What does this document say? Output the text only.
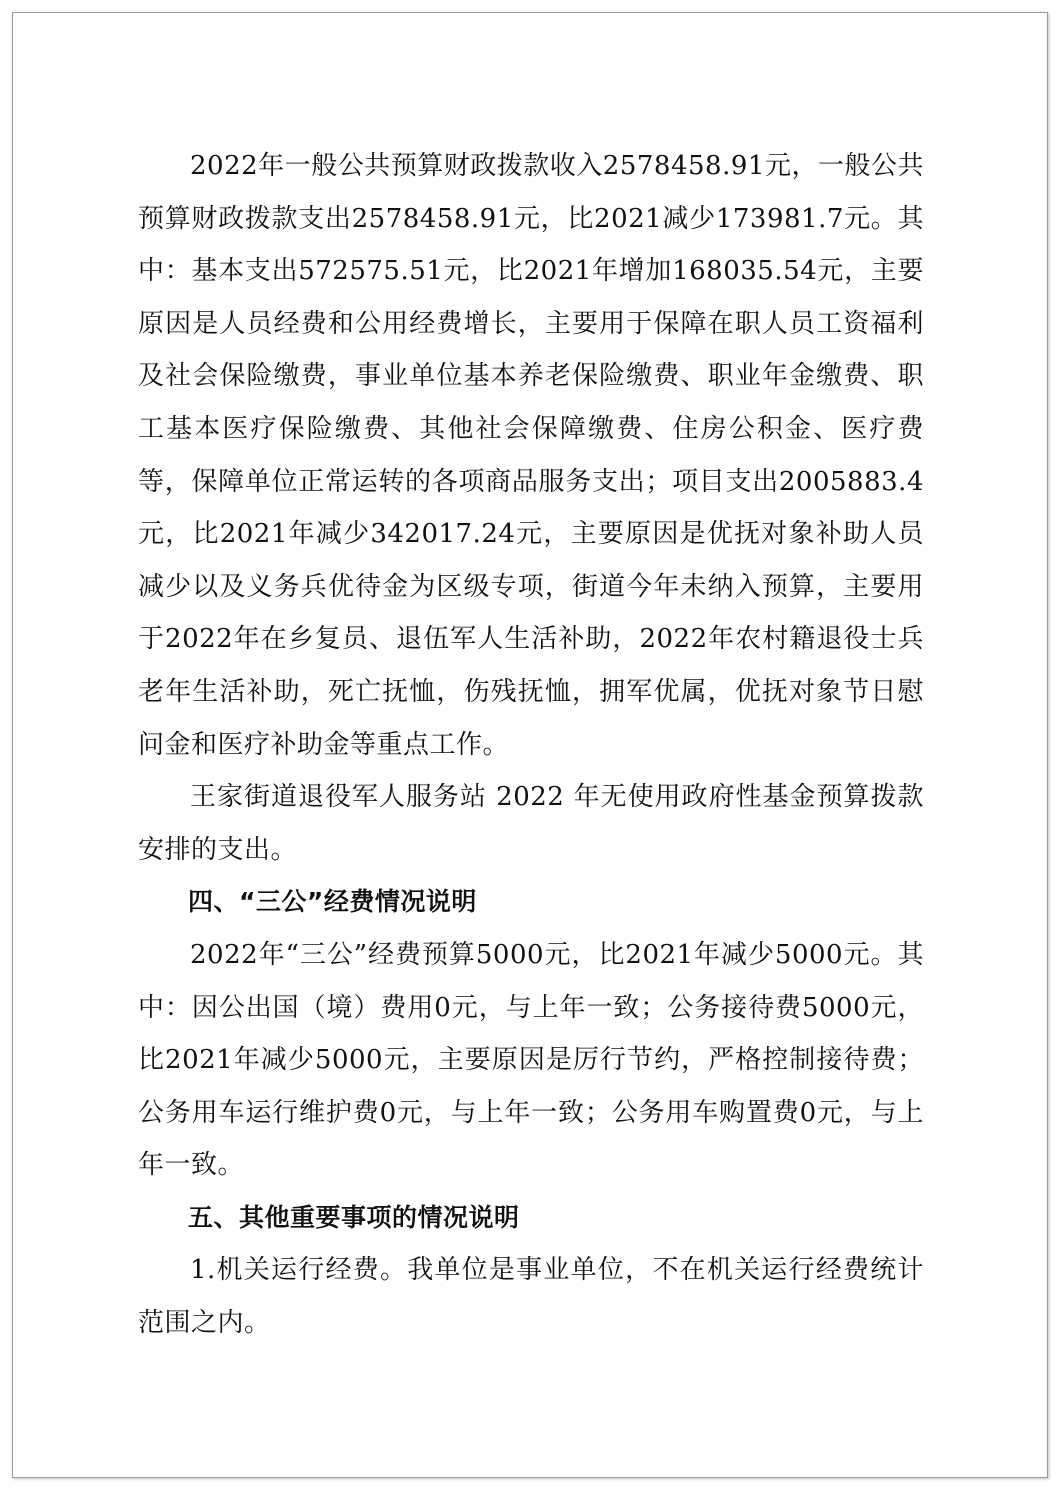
2022年一般公共预算财政拨款收入2578458.91元，一般公共预算财政拨款支出2578458.91元，比2021减少173981.7元。其中：基本支出572575.51元，比2021年增加168035.54元，主要原因是人员经费和公用经费增长，主要用于保障在职人员工资福利及社会保险缴费，事业单位基本养老保险缴费、职业年金缴费、职工基本医疗保险缴费、其他社会保障缴费、住房公积金、医疗费等，保障单位正常运转的各项商品服务支出；项目支出2005883.4元，比2021年减少342017.24元，主要原因是优抚对象补助人员减少以及义务兵优待金为区级专项，街道今年未纳入预算，主要用于2022年在乡复员、退伍军人生活补助，2022年农村籍退役士兵老年生活补助，死亡抚恤，伤残抚恤，拥军优属，优抚对象节日慰问金和医疗补助金等重点工作。

王家街道退役军人服务站 2022 年无使用政府性基金预算拨款安排的支出。

四、“三公”经费情况说明

2022年“三公”经费预算5000元，比2021年减少5000元。其中：因公出国（境）费用0元，与上年一致；公务接待费5000元，比2021年减少5000元，主要原因是厉行节约，严格控制接待费；公务用车运行维护费0元，与上年一致；公务用车购置费0元，与上年一致。

五、其他重要事项的情况说明

1.机关运行经费。我单位是事业单位，不在机关运行经费统计范围之内。
